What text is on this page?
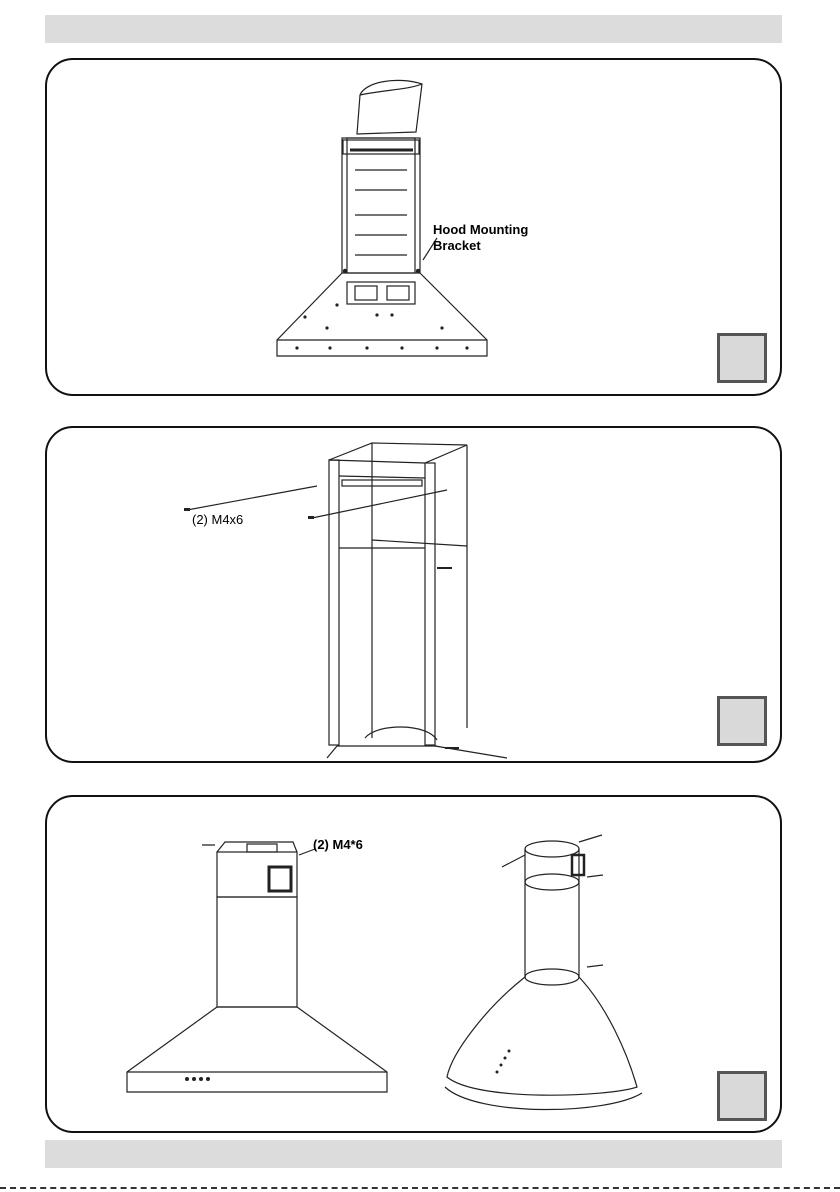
Hood Mounting
Bracket
(2) M4x6
(2) M4*6
